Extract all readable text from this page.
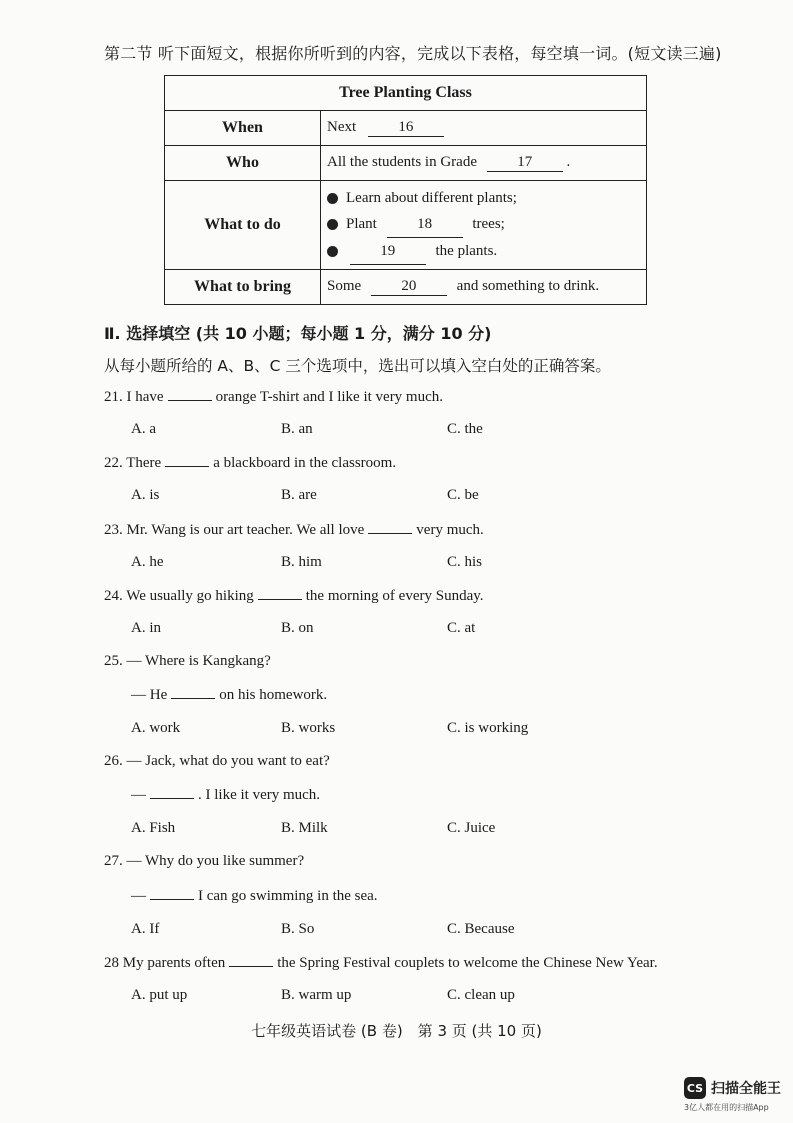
第二节 听下面短文，根据你所听到的内容，完成以下表格，每空填一词。(短文读三遍)
Tree Planting Class	
When	Next 16
Who	All the students in Grade 17 .
What to do	Learn about different plants;
Plant 18 trees;
19 the plants.

What to bring	Some 20 and something to drink.
Ⅱ. 选择填空 (共 10 小题；每小题 1 分，满分 10 分)
从每小题所给的 A、B、C 三个选项中，选出可以填入空白处的正确答案。
21. I have	orange T-shirt and I like it very much.
A. a	B. an	C. the
22. There	a blackboard in the classroom.
A. is	B. are	C. be
23. Mr. Wang is our art teacher. We all love	very much.
A. he	B. him	C. his
24. We usually go hiking	the morning of every Sunday.
A. in	B. on	C. at
25. — Where is Kangkang?
— He	on his homework.
A. work	B. works	C. is working
26. — Jack, what do you want to eat?
—	. I like it very much.
A. Fish	B. Milk	C. Juice
27. — Why do you like summer?
—	I can go swimming in the sea.
A. If	B. So	C. Because
28 My parents often	the Spring Festival couplets to welcome the Chinese New Year.
A. put up	B. warm up	C. clean up
七年级英语试卷 (B 卷)　第 3 页 (共 10 页)
CS 扫描全能王
3亿人都在用的扫描App
